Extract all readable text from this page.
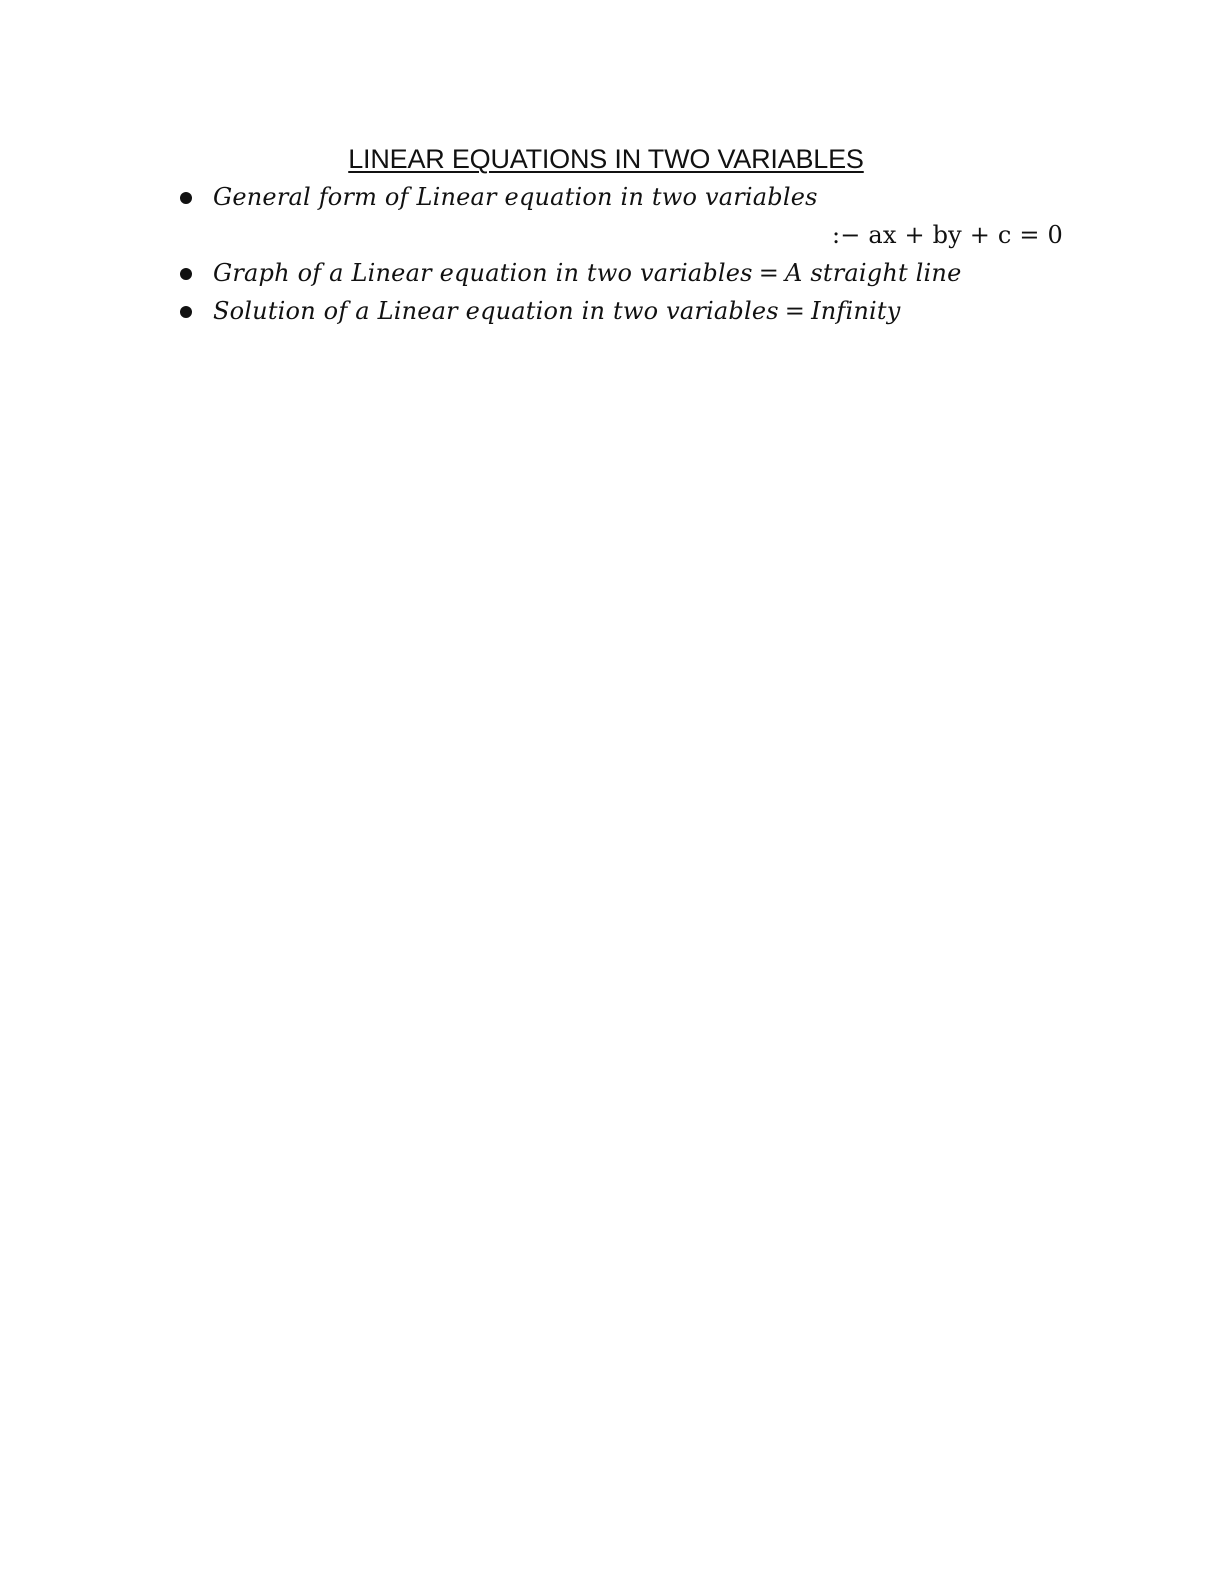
LINEAR EQUATIONS IN TWO VARIABLES
General form of Linear equation in two variables
:− ax + by + c = 0
Graph of a Linear equation in two variables = A straight line
Solution of a Linear equation in two variables = Infinity
